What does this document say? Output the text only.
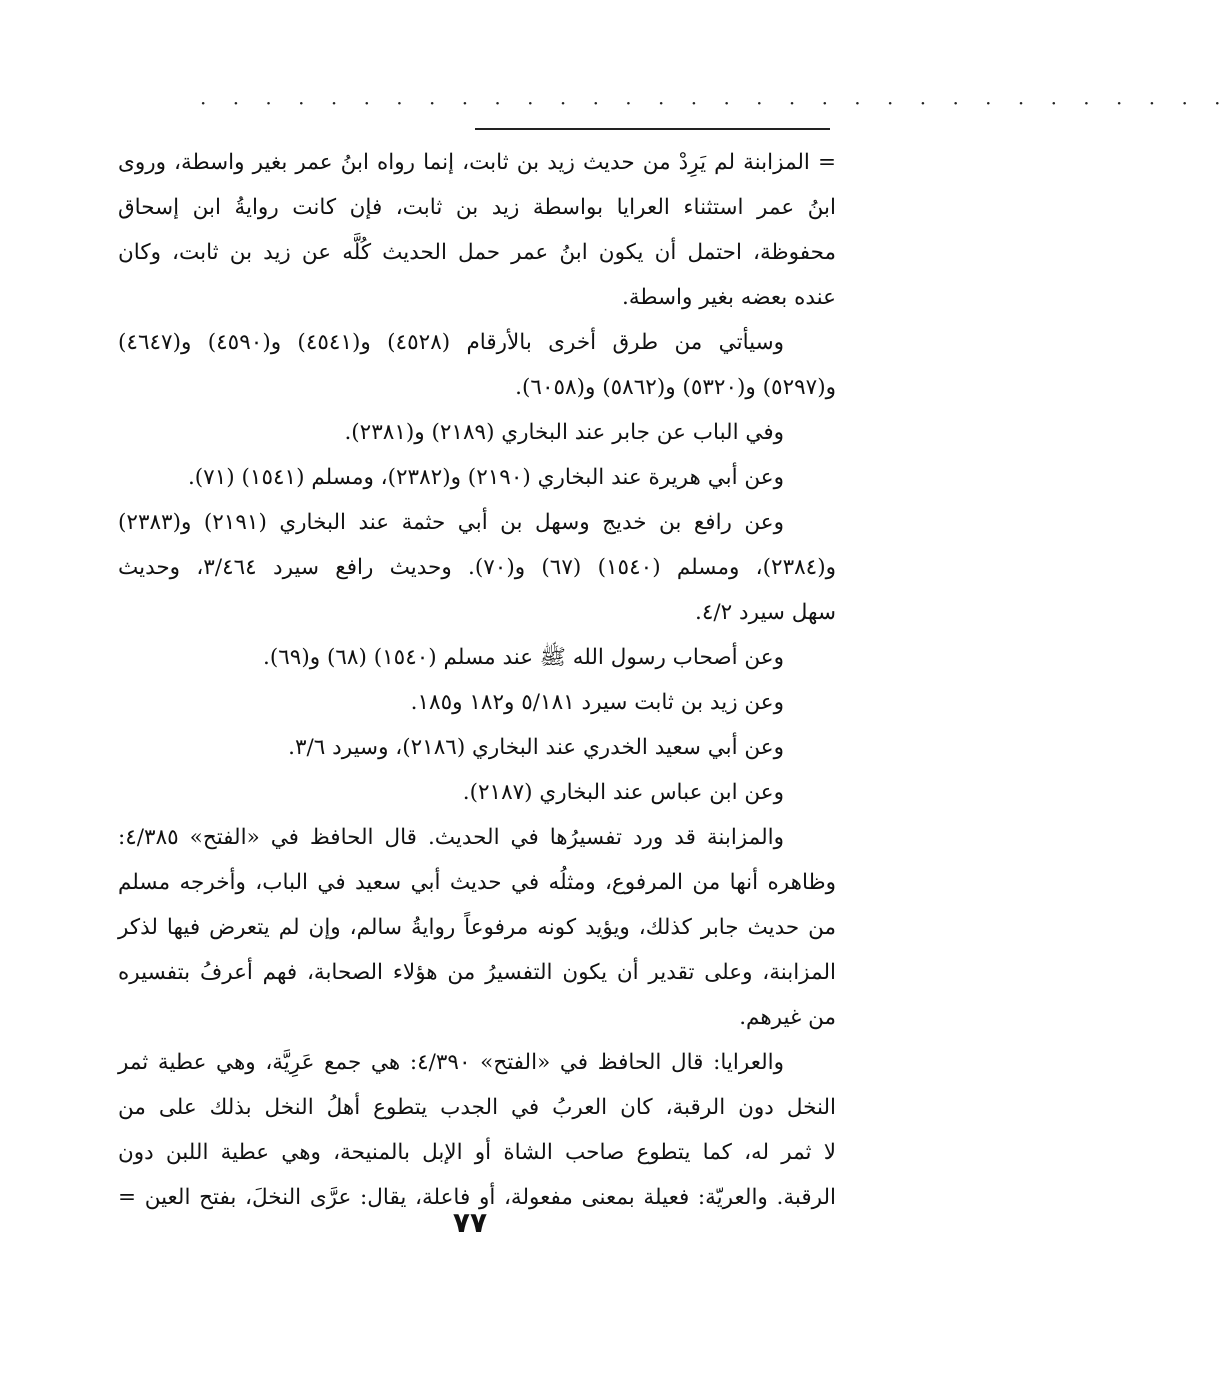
· · · · · · · · · · · · · · · · · · · · · · · · · · · · · · · ·
= المزابنة لم يَرِدْ من حديث زيد بن ثابت، إنما رواه ابنُ عمر بغير واسطة، وروى
ابنُ عمر استثناء العرايا بواسطة زيد بن ثابت، فإن كانت روايةُ ابن إسحاق
محفوظة، احتمل أن يكون ابنُ عمر حمل الحديث كُلَّه عن زيد بن ثابت، وكان
عنده بعضه بغير واسطة.
وسيأتي من طرق أخرى بالأرقام (٤٥٢٨) و(٤٥٤١) و(٤٥٩٠) و(٤٦٤٧)
و(٥٢٩٧) و(٥٣٢٠) و(٥٨٦٢) و(٦٠٥٨).
وفي الباب عن جابر عند البخاري (٢١٨٩) و(٢٣٨١).
وعن أبي هريرة عند البخاري (٢١٩٠) و(٢٣٨٢)، ومسلم (١٥٤١) (٧١).
وعن رافع بن خديج وسهل بن أبي حثمة عند البخاري (٢١٩١) و(٢٣٨٣)
و(٢٣٨٤)، ومسلم (١٥٤٠) (٦٧) و(٧٠). وحديث رافع سيرد ٣/٤٦٤، وحديث
سهل سيرد ٤/٢.
وعن أصحاب رسول الله ﷺ عند مسلم (١٥٤٠) (٦٨) و(٦٩).
وعن زيد بن ثابت سيرد ٥/١٨١ و١٨٢ و١٨٥.
وعن أبي سعيد الخدري عند البخاري (٢١٨٦)، وسيرد ٣/٦.
وعن ابن عباس عند البخاري (٢١٨٧).
والمزابنة قد ورد تفسيرُها في الحديث. قال الحافظ في «الفتح» ٤/٣٨٥:
وظاهره أنها من المرفوع، ومثلُه في حديث أبي سعيد في الباب، وأخرجه مسلم
من حديث جابر كذلك، ويؤيد كونه مرفوعاً روايةُ سالم، وإن لم يتعرض فيها لذكر
المزابنة، وعلى تقدير أن يكون التفسيرُ من هؤلاء الصحابة، فهم أعرفُ بتفسيره
من غيرهم.
والعرايا: قال الحافظ في «الفتح» ٤/٣٩٠: هي جمع عَرِيَّة، وهي عطية ثمر
النخل دون الرقبة، كان العربُ في الجدب يتطوع أهلُ النخل بذلك على من
لا ثمر له، كما يتطوع صاحب الشاة أو الإبل بالمنيحة، وهي عطية اللبن دون
الرقبة. والعريّة: فعيلة بمعنى مفعولة، أو فاعلة، يقال: عرَّى النخلَ، بفتح العين =
٧٧
